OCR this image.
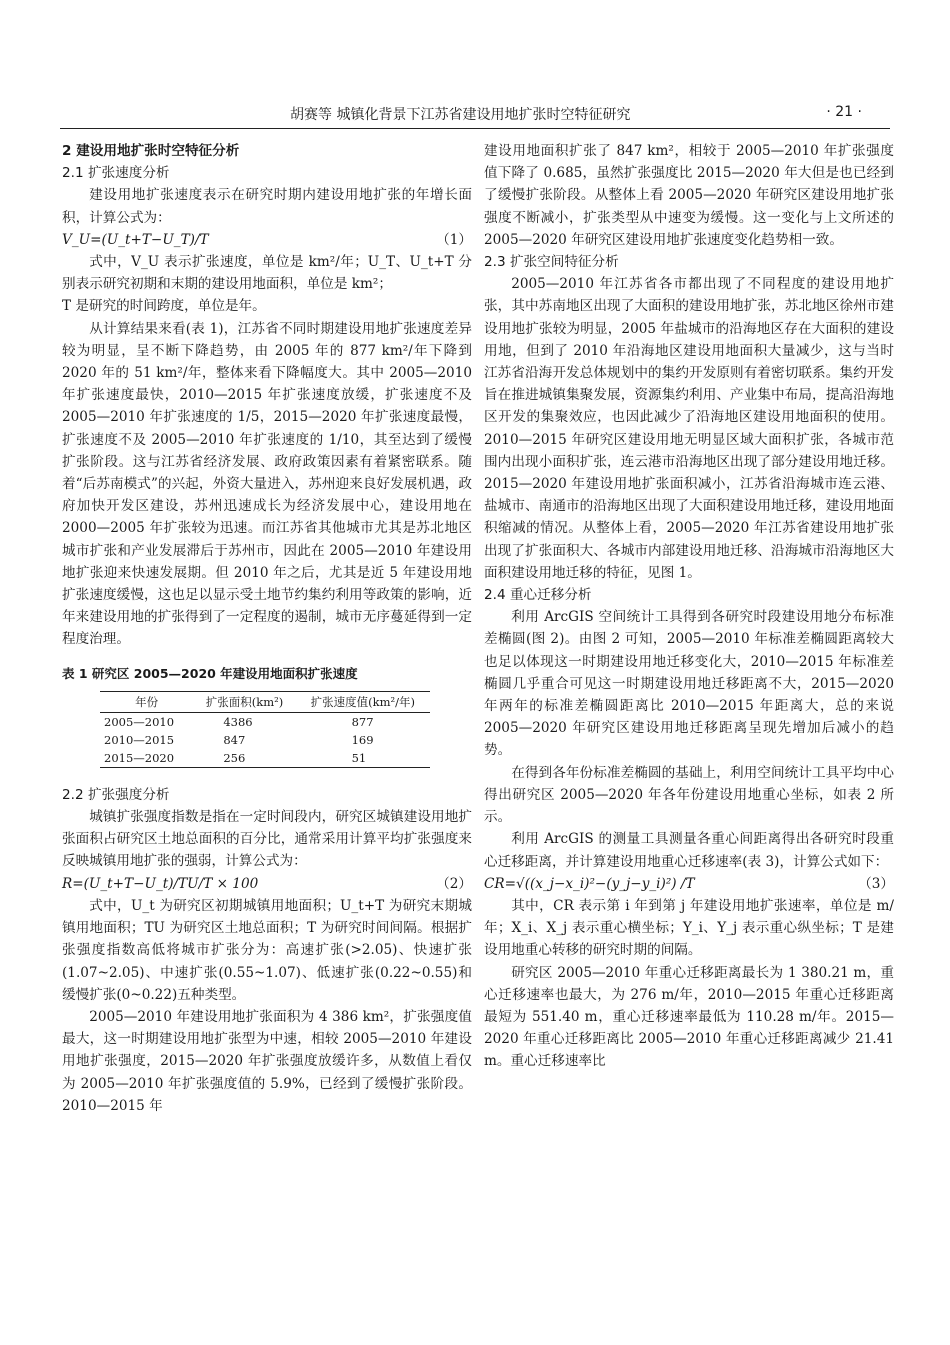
胡赛等 城镇化背景下江苏省建设用地扩张时空特征研究	· 21 ·
2 建设用地扩张时空特征分析
2.1 扩张速度分析

建设用地扩张速度表示在研究时期内建设用地扩张的年增长面积，计算公式为：

V_U=(U_t+T−U_T)/T	（1）

式中，V_U 表示扩张速度，单位是 km²/年；U_T、U_t+T 分别表示研究初期和末期的建设用地面积，单位是 km²；

T 是研究的时间跨度，单位是年。

从计算结果来看(表 1)，江苏省不同时期建设用地扩张速度差异较为明显，呈不断下降趋势，由 2005 年的 877 km²/年下降到 2020 年的 51 km²/年，整体来看下降幅度大。其中 2005—2010 年扩张速度最快，2010—2015 年扩张速度放缓，扩张速度不及 2005—2010 年扩张速度的 1/5，2015—2020 年扩张速度最慢，扩张速度不及 2005—2010 年扩张速度的 1/10，其至达到了缓慢扩张阶段。这与江苏省经济发展、政府政策因素有着紧密联系。随着“后苏南模式”的兴起，外资大量进入，苏州迎来良好发展机遇，政府加快开发区建设，苏州迅速成长为经济发展中心，建设用地在 2000—2005 年扩张较为迅速。而江苏省其他城市尤其是苏北地区城市扩张和产业发展滞后于苏州市，因此在 2005—2010 年建设用地扩张迎来快速发展期。但 2010 年之后，尤其是近 5 年建设用地扩张速度缓慢，这也足以显示受土地节约集约利用等政策的影响，近年来建设用地的扩张得到了一定程度的遏制，城市无序蔓延得到一定程度治理。

表 1 研究区 2005—2020 年建设用地面积扩张速度
年份	扩张面积(km²)	扩张速度值(km²/年)
2005—2010	4386	877
2010—2015	847	169
2015—2020	256	51
2.2 扩张强度分析

城镇扩张强度指数是指在一定时间段内，研究区城镇建设用地扩张面积占研究区土地总面积的百分比，通常采用计算平均扩张强度来反映城镇用地扩张的强弱，计算公式为：

R=(U_t+T−U_t)/TU/T × 100	（2）

式中，U_t 为研究区初期城镇用地面积；U_t+T 为研究末期城镇用地面积；TU 为研究区土地总面积；T 为研究时间间隔。根据扩张强度指数高低将城市扩张分为：高速扩张(>2.05)、快速扩张(1.07~2.05)、中速扩张(0.55~1.07)、低速扩张(0.22~0.55)和缓慢扩张(0~0.22)五种类型。

2005—2010 年建设用地扩张面积为 4 386 km²，扩张强度值最大，这一时期建设用地扩张型为中速，相较 2005—2010 年建设用地扩张强度，2015—2020 年扩张强度放缓许多，从数值上看仅为 2005—2010 年扩张强度值的 5.9%，已经到了缓慢扩张阶段。2010—2015 年

建设用地面积扩张了 847 km²，相较于 2005—2010 年扩张强度值下降了 0.685，虽然扩张强度比 2015—2020 年大但是也已经到了缓慢扩张阶段。从整体上看 2005—2020 年研究区建设用地扩张强度不断减小，扩张类型从中速变为缓慢。这一变化与上文所述的 2005—2020 年研究区建设用地扩张速度变化趋势相一致。

2.3 扩张空间特征分析

2005—2010 年江苏省各市都出现了不同程度的建设用地扩张，其中苏南地区出现了大面积的建设用地扩张，苏北地区徐州市建设用地扩张较为明显，2005 年盐城市的沿海地区存在大面积的建设用地，但到了 2010 年沿海地区建设用地面积大量减少，这与当时江苏省沿海开发总体规划中的集约开发原则有着密切联系。集约开发旨在推进城镇集聚发展，资源集约利用、产业集中布局，提高沿海地区开发的集聚效应，也因此减少了沿海地区建设用地面积的使用。2010—2015 年研究区建设用地无明显区域大面积扩张，各城市范围内出现小面积扩张，连云港市沿海地区出现了部分建设用地迁移。2015—2020 年建设用地扩张面积减小，江苏省沿海城市连云港、盐城市、南通市的沿海地区出现了大面积建设用地迁移，建设用地面积缩减的情况。从整体上看，2005—2020 年江苏省建设用地扩张出现了扩张面积大、各城市内部建设用地迁移、沿海城市沿海地区大面积建设用地迁移的特征，见图 1。

2.4 重心迁移分析

利用 ArcGIS 空间统计工具得到各研究时段建设用地分布标准差椭圆(图 2)。由图 2 可知，2005—2010 年标准差椭圆距离较大也足以体现这一时期建设用地迁移变化大，2010—2015 年标准差椭圆几乎重合可见这一时期建设用地迁移距离不大，2015—2020 年两年的标准差椭圆距离比 2010—2015 年距离大，总的来说 2005—2020 年研究区建设用地迁移距离呈现先增加后减小的趋势。

在得到各年份标准差椭圆的基础上，利用空间统计工具平均中心得出研究区 2005—2020 年各年份建设用地重心坐标，如表 2 所示。

利用 ArcGIS 的测量工具测量各重心间距离得出各研究时段重心迁移距离，并计算建设用地重心迁移速率(表 3)，计算公式如下：

CR=√((x_j−x_i)²−(y_j−y_i)²) /T	（3）

其中，CR 表示第 i 年到第 j 年建设用地扩张速率，单位是 m/年；X_i、X_j 表示重心横坐标；Y_i、Y_j 表示重心纵坐标；T 是建设用地重心转移的研究时期的间隔。

研究区 2005—2010 年重心迁移距离最长为 1 380.21 m，重心迁移速率也最大，为 276 m/年，2010—2015 年重心迁移距离最短为 551.40 m，重心迁移速率最低为 110.28 m/年。2015—2020 年重心迁移距离比 2005—2010 年重心迁移距离减少 21.41 m。重心迁移速率比
